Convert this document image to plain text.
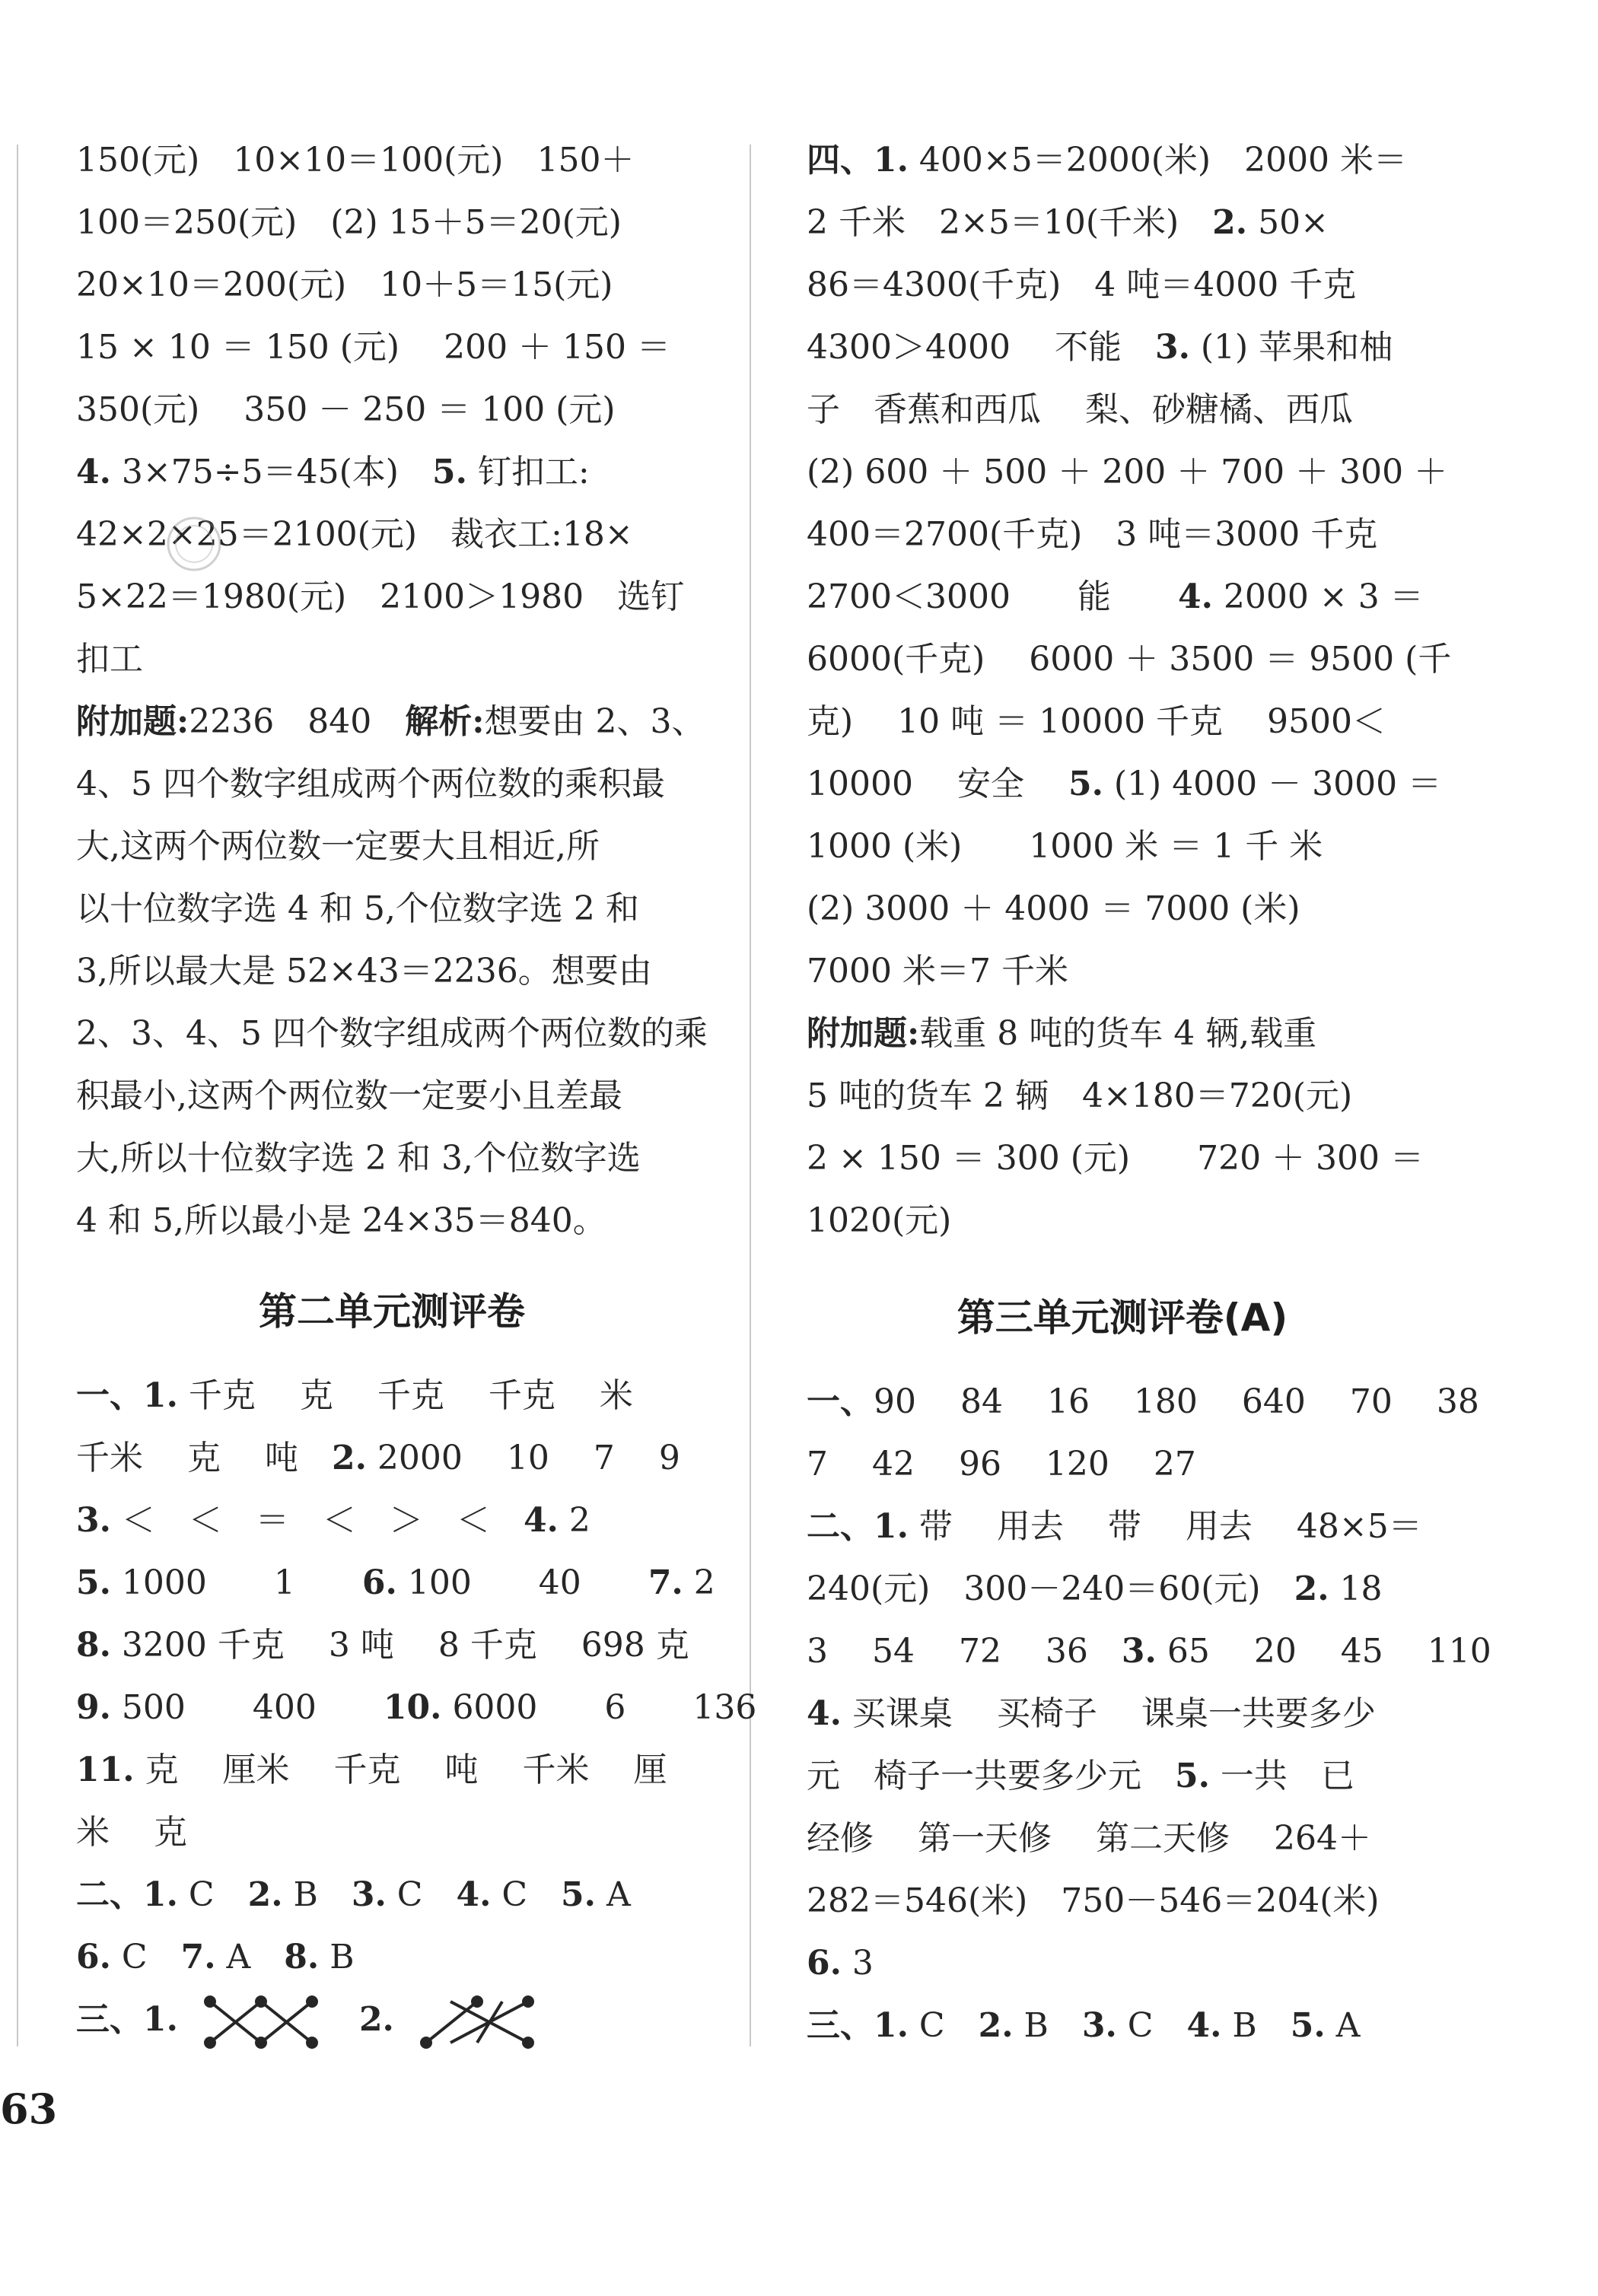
150(元)　10×10＝100(元)　150＋
100＝250(元)　(2) 15＋5＝20(元)
20×10＝200(元)　10＋5＝15(元)
15 × 10 ＝ 150 (元)　 200 ＋ 150 ＝
350(元)　 350 － 250 ＝ 100 (元)
4. 3×75÷5＝45(本)　5. 钉扣工:
42×2×25＝2100(元)　裁衣工:18×
5×22＝1980(元)　2100＞1980　选钉
扣工
附加题:2236　840　解析:想要由 2、3、
4、5 四个数字组成两个两位数的乘积最
大,这两个两位数一定要大且相近,所
以十位数字选 4 和 5,个位数字选 2 和
3,所以最大是 52×43＝2236。想要由
2、3、4、5 四个数字组成两个两位数的乘
积最小,这两个两位数一定要小且差最
大,所以十位数字选 2 和 3,个位数字选
4 和 5,所以最小是 24×35＝840。
第二单元测评卷
一、1. 千克　 克　 千克　 千克　 米
千米　 克　 吨　2. 2000　 10　 7　 9
3. ＜　＜　＝　＜　＞　＜　4. 2
5. 1000　　1　　6. 100　　40　　7. 2
8. 3200 千克　 3 吨　 8 千克　 698 克
9. 500　　400　　10. 6000　　6　　136
11. 克　 厘米　 千克　 吨　 千米　 厘
米　 克
二、1. C　2. B　3. C　4. C　5. A
6. C　7. A　8. B
三、1.	2.
四、1. 400×5＝2000(米)　2000 米＝
2 千米　2×5＝10(千米)　2. 50×
86＝4300(千克)　4 吨＝4000 千克
4300＞4000　 不能　3. (1) 苹果和柚
子　香蕉和西瓜　 梨、砂糖橘、西瓜
(2) 600 ＋ 500 ＋ 200 ＋ 700 ＋ 300 ＋
400＝2700(千克)　3 吨＝3000 千克
2700＜3000　　能　　4. 2000 × 3 ＝
6000(千克)　 6000 ＋ 3500 ＝ 9500 (千
克)　 10 吨 ＝ 10000 千克　 9500＜
10000　 安全　 5. (1) 4000 － 3000 ＝
1000 (米)　　1000 米 ＝ 1 千 米
(2) 3000 ＋ 4000 ＝ 7000 (米)
7000 米＝7 千米
附加题:载重 8 吨的货车 4 辆,载重
5 吨的货车 2 辆　4×180＝720(元)
2 × 150 ＝ 300 (元)　　720 ＋ 300 ＝
1020(元)
第三单元测评卷(A)
一、90　 84　 16　 180　 640　 70　 38
7　 42　 96　 120　 27
二、1. 带　 用去　 带　 用去　 48×5＝
240(元)　300－240＝60(元)　2. 18
3　 54　 72　 36　3. 65　 20　 45　 110
4. 买课桌　 买椅子　 课桌一共要多少
元　椅子一共要多少元　5. 一共　已
经修　 第一天修　 第二天修　 264＋
282＝546(米)　750－546＝204(米)
6. 3
三、1. C　2. B　3. C　4. B　5. A
63
